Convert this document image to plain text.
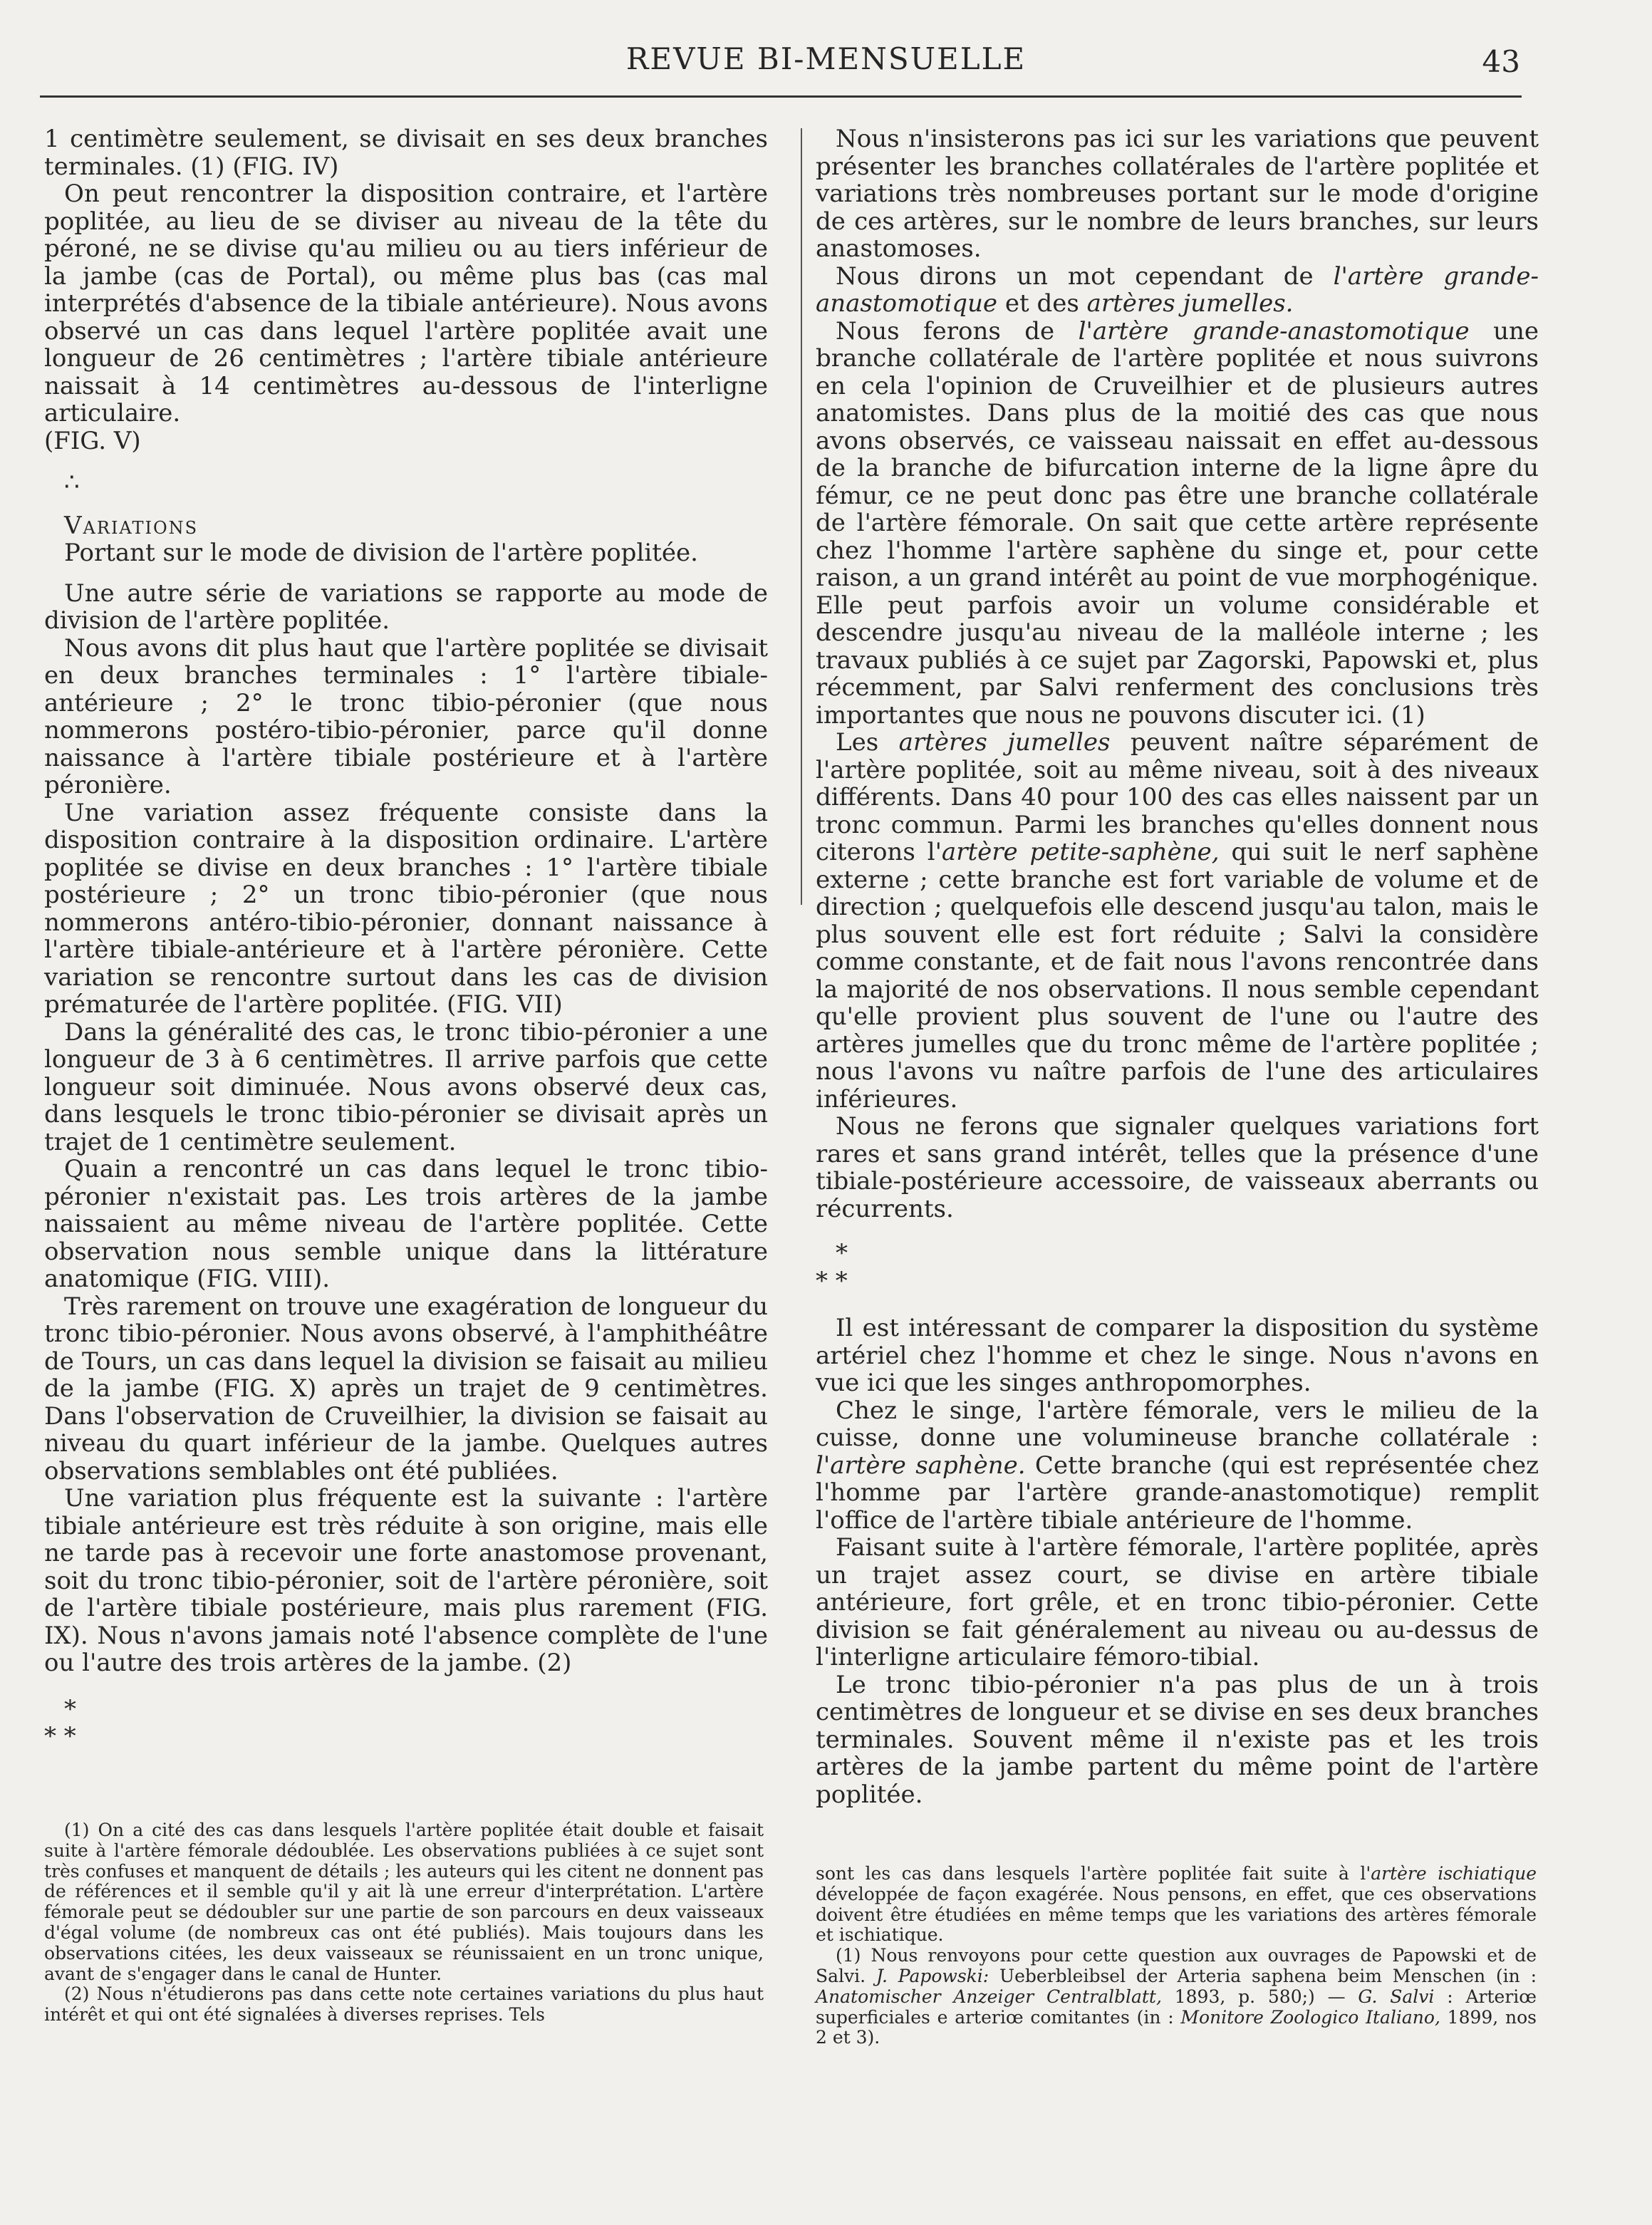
REVUE BI-MENSUELLE	43

1 centimètre seulement, se divisait en ses deux branches terminales. (1) (FIG. IV)

On peut rencontrer la disposition contraire, et l'artère poplitée, au lieu de se diviser au niveau de la tête du péroné, ne se divise qu'au milieu ou au tiers inférieur de la jambe (cas de Portal), ou même plus bas (cas mal interprétés d'absence de la tibiale antérieure). Nous avons observé un cas dans lequel l'artère poplitée avait une longueur de 26 centimètres ; l'artère tibiale antérieure naissait à 14 centimètres au-dessous de l'interligne articulaire.

(FIG. V)

∴

Variations

Portant sur le mode de division de l'artère poplitée.

Une autre série de variations se rapporte au mode de division de l'artère poplitée.

Nous avons dit plus haut que l'artère poplitée se divisait en deux branches terminales : 1° l'artère tibiale-antérieure ; 2° le tronc tibio-péronier (que nous nommerons postéro-tibio-péronier, parce qu'il donne naissance à l'artère tibiale postérieure et à l'artère péronière.

Une variation assez fréquente consiste dans la disposition contraire à la disposition ordinaire. L'artère poplitée se divise en deux branches : 1° l'artère tibiale postérieure ; 2° un tronc tibio-péronier (que nous nommerons antéro-tibio-péronier, donnant naissance à l'artère tibiale-antérieure et à l'artère péronière. Cette variation se rencontre surtout dans les cas de division prématurée de l'artère poplitée. (FIG. VII)

Dans la généralité des cas, le tronc tibio-péronier a une longueur de 3 à 6 centimètres. Il arrive parfois que cette longueur soit diminuée. Nous avons observé deux cas, dans lesquels le tronc tibio-péronier se divisait après un trajet de 1 centimètre seulement.

Quain a rencontré un cas dans lequel le tronc tibio-péronier n'existait pas. Les trois artères de la jambe naissaient au même niveau de l'artère poplitée. Cette observation nous semble unique dans la littérature anatomique (FIG. VIII).

Très rarement on trouve une exagération de longueur du tronc tibio-péronier. Nous avons observé, à l'amphithéâtre de Tours, un cas dans lequel la division se faisait au milieu de la jambe (FIG. X) après un trajet de 9 centimètres. Dans l'observation de Cruveilhier, la division se faisait au niveau du quart inférieur de la jambe. Quelques autres observations semblables ont été publiées.

Une variation plus fréquente est la suivante : l'artère tibiale antérieure est très réduite à son origine, mais elle ne tarde pas à recevoir une forte anastomose provenant, soit du tronc tibio-péronier, soit de l'artère péronière, soit de l'artère tibiale postérieure, mais plus rarement (FIG. IX). Nous n'avons jamais noté l'absence complète de l'une ou l'autre des trois artères de la jambe. (2)

*
* *

(1) On a cité des cas dans lesquels l'artère poplitée était double et faisait suite à l'artère fémorale dédoublée. Les observations publiées à ce sujet sont très confuses et manquent de détails ; les auteurs qui les citent ne donnent pas de références et il semble qu'il y ait là une erreur d'interprétation. L'artère fémorale peut se dédoubler sur une partie de son parcours en deux vaisseaux d'égal volume (de nombreux cas ont été publiés). Mais toujours dans les observations citées, les deux vaisseaux se réunissaient en un tronc unique, avant de s'engager dans le canal de Hunter.

(2) Nous n'étudierons pas dans cette note certaines variations du plus haut intérêt et qui ont été signalées à diverses reprises. Tels

Nous n'insisterons pas ici sur les variations que peuvent présenter les branches collatérales de l'artère poplitée et variations très nombreuses portant sur le mode d'origine de ces artères, sur le nombre de leurs branches, sur leurs anastomoses.

Nous dirons un mot cependant de l'artère grande-anastomotique et des artères jumelles.

Nous ferons de l'artère grande-anastomotique une branche collatérale de l'artère poplitée et nous suivrons en cela l'opinion de Cruveilhier et de plusieurs autres anatomistes. Dans plus de la moitié des cas que nous avons observés, ce vaisseau naissait en effet au-dessous de la branche de bifurcation interne de la ligne âpre du fémur, ce ne peut donc pas être une branche collatérale de l'artère fémorale. On sait que cette artère représente chez l'homme l'artère saphène du singe et, pour cette raison, a un grand intérêt au point de vue morphogénique. Elle peut parfois avoir un volume considérable et descendre jusqu'au niveau de la malléole interne ; les travaux publiés à ce sujet par Zagorski, Papowski et, plus récemment, par Salvi renferment des conclusions très importantes que nous ne pouvons discuter ici. (1)

Les artères jumelles peuvent naître séparément de l'artère poplitée, soit au même niveau, soit à des niveaux différents. Dans 40 pour 100 des cas elles naissent par un tronc commun. Parmi les branches qu'elles donnent nous citerons l'artère petite-saphène, qui suit le nerf saphène externe ; cette branche est fort variable de volume et de direction ; quelquefois elle descend jusqu'au talon, mais le plus souvent elle est fort réduite ; Salvi la considère comme constante, et de fait nous l'avons rencontrée dans la majorité de nos observations. Il nous semble cependant qu'elle provient plus souvent de l'une ou l'autre des artères jumelles que du tronc même de l'artère poplitée ; nous l'avons vu naître parfois de l'une des articulaires inférieures.

Nous ne ferons que signaler quelques variations fort rares et sans grand intérêt, telles que la présence d'une tibiale-postérieure accessoire, de vaisseaux aberrants ou récurrents.

*
* *

Il est intéressant de comparer la disposition du système artériel chez l'homme et chez le singe. Nous n'avons en vue ici que les singes anthropomorphes.

Chez le singe, l'artère fémorale, vers le milieu de la cuisse, donne une volumineuse branche collatérale : l'artère saphène. Cette branche (qui est représentée chez l'homme par l'artère grande-anastomotique) remplit l'office de l'artère tibiale antérieure de l'homme.

Faisant suite à l'artère fémorale, l'artère poplitée, après un trajet assez court, se divise en artère tibiale antérieure, fort grêle, et en tronc tibio-péronier. Cette division se fait généralement au niveau ou au-dessus de l'interligne articulaire fémoro-tibial.

Le tronc tibio-péronier n'a pas plus de un à trois centimètres de longueur et se divise en ses deux branches terminales. Souvent même il n'existe pas et les trois artères de la jambe partent du même point de l'artère poplitée.

sont les cas dans lesquels l'artère poplitée fait suite à l'artère ischiatique développée de façon exagérée. Nous pensons, en effet, que ces observations doivent être étudiées en même temps que les variations des artères fémorale et ischiatique.

(1) Nous renvoyons pour cette question aux ouvrages de Papowski et de Salvi. J. Papowski: Ueberbleibsel der Arteria saphena beim Menschen (in : Anatomischer Anzeiger Centralblatt, 1893, p. 580;) — G. Salvi : Arteriœ superficiales e arteriœ comitantes (in : Monitore Zoologico Italiano, 1899, nos 2 et 3).
